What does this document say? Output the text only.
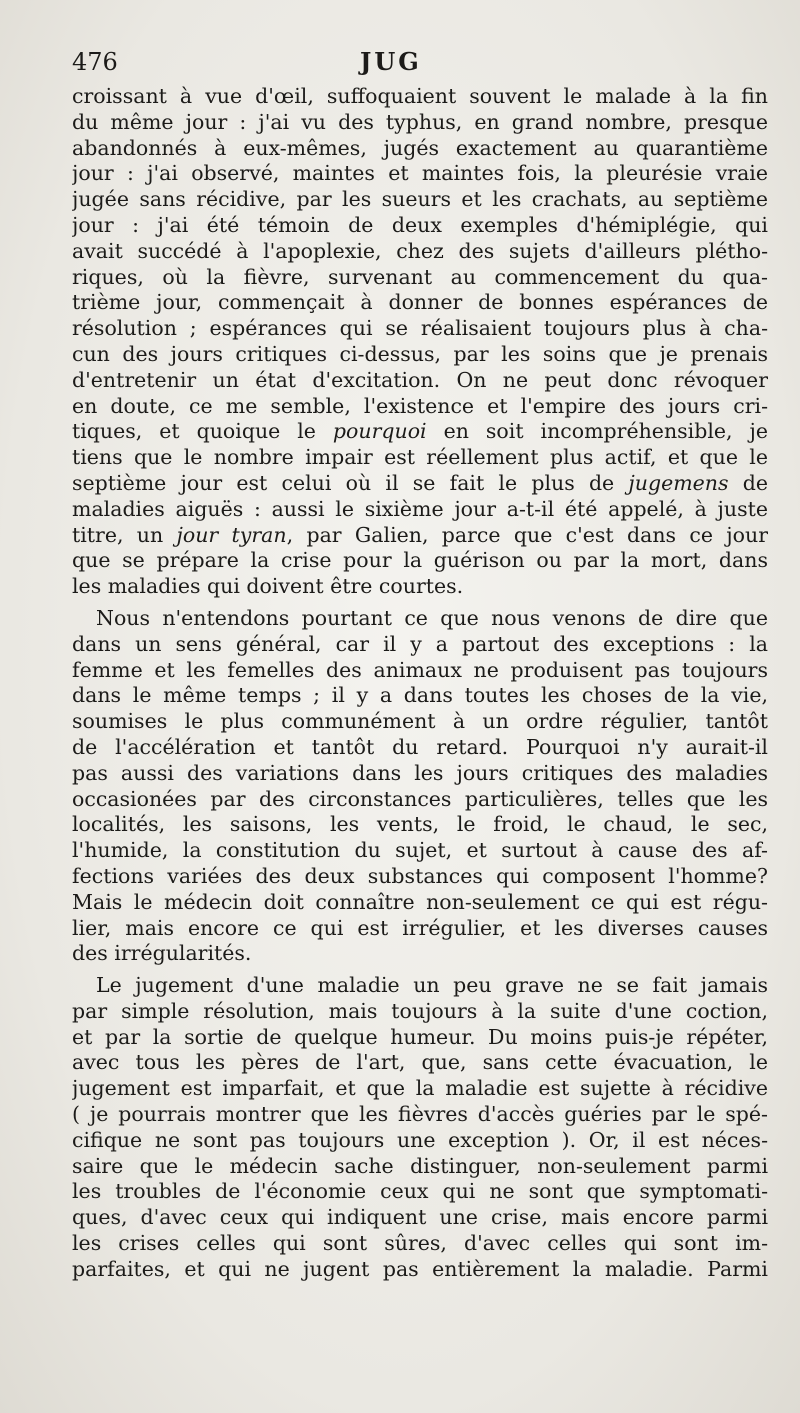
476	JUG
croissant à vue d'œil, suffoquaient souvent le malade à la fin
du même jour : j'ai vu des typhus, en grand nombre, presque
abandonnés à eux-mêmes, jugés exactement au quarantième
jour : j'ai observé, maintes et maintes fois, la pleurésie vraie
jugée sans récidive, par les sueurs et les crachats, au septième
jour : j'ai été témoin de deux exemples d'hémiplégie, qui
avait succédé à l'apoplexie, chez des sujets d'ailleurs plétho-
riques, où la fièvre, survenant au commencement du qua-
trième jour, commençait à donner de bonnes espérances de
résolution ; espérances qui se réalisaient toujours plus à cha-
cun des jours critiques ci-dessus, par les soins que je prenais
d'entretenir un état d'excitation. On ne peut donc révoquer
en doute, ce me semble, l'existence et l'empire des jours cri-
tiques, et quoique le pourquoi en soit incompréhensible, je
tiens que le nombre impair est réellement plus actif, et que le
septième jour est celui où il se fait le plus de jugemens de
maladies aiguës : aussi le sixième jour a-t-il été appelé, à juste
titre, un jour tyran, par Galien, parce que c'est dans ce jour
que se prépare la crise pour la guérison ou par la mort, dans
les maladies qui doivent être courtes.
Nous n'entendons pourtant ce que nous venons de dire que
dans un sens général, car il y a partout des exceptions : la
femme et les femelles des animaux ne produisent pas toujours
dans le même temps ; il y a dans toutes les choses de la vie,
soumises le plus communément à un ordre régulier, tantôt
de l'accélération et tantôt du retard. Pourquoi n'y aurait-il
pas aussi des variations dans les jours critiques des maladies
occasionées par des circonstances particulières, telles que les
localités, les saisons, les vents, le froid, le chaud, le sec,
l'humide, la constitution du sujet, et surtout à cause des af-
fections variées des deux substances qui composent l'homme?
Mais le médecin doit connaître non-seulement ce qui est régu-
lier, mais encore ce qui est irrégulier, et les diverses causes
des irrégularités.
Le jugement d'une maladie un peu grave ne se fait jamais
par simple résolution, mais toujours à la suite d'une coction,
et par la sortie de quelque humeur. Du moins puis-je répéter,
avec tous les pères de l'art, que, sans cette évacuation, le
jugement est imparfait, et que la maladie est sujette à récidive
( je pourrais montrer que les fièvres d'accès guéries par le spé-
cifique ne sont pas toujours une exception ). Or, il est néces-
saire que le médecin sache distinguer, non-seulement parmi
les troubles de l'économie ceux qui ne sont que symptomati-
ques, d'avec ceux qui indiquent une crise, mais encore parmi
les crises celles qui sont sûres, d'avec celles qui sont im-
parfaites, et qui ne jugent pas entièrement la maladie. Parmi
